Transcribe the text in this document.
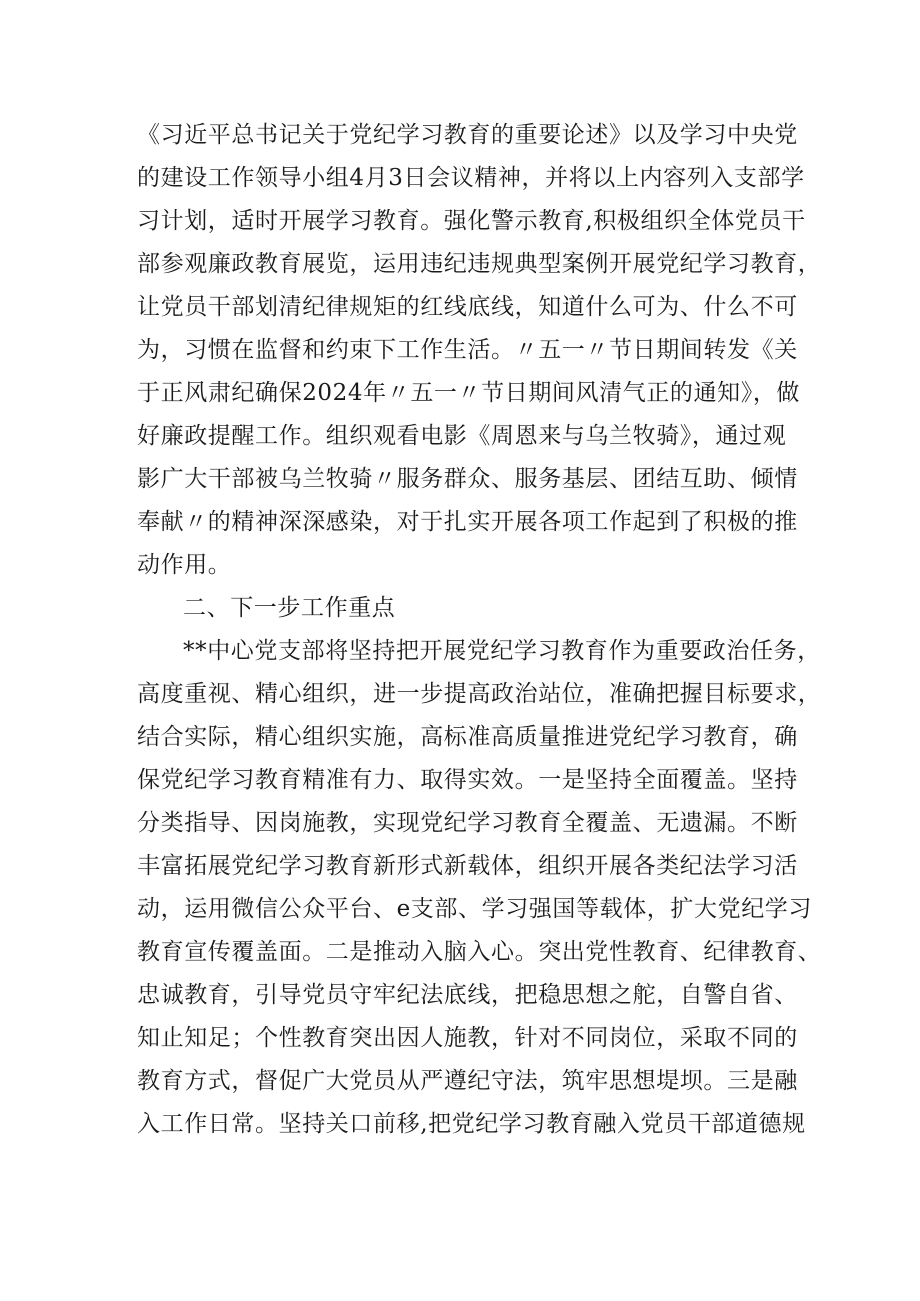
《习近平总书记关于党纪学习教育的重要论述》以及学习中央党
的建设工作领导小组4月3日会议精神，并将以上内容列入支部学
习计划，适时开展学习教育。强化警示教育,积极组织全体党员干
部参观廉政教育展览，运用违纪违规典型案例开展党纪学习教育，
让党员干部划清纪律规矩的红线底线，知道什么可为、什么不可
为，习惯在监督和约束下工作生活。〃五一〃节日期间转发《关
于正风肃纪确保2024年〃五一〃节日期间风清气正的通知》，做
好廉政提醒工作。组织观看电影《周恩来与乌兰牧骑》，通过观
影广大干部被乌兰牧骑〃服务群众、服务基层、团结互助、倾情
奉献〃的精神深深感染，对于扎实开展各项工作起到了积极的推
动作用。
二、下一步工作重点
**中心党支部将坚持把开展党纪学习教育作为重要政治任务，
高度重视、精心组织，进一步提高政治站位，准确把握目标要求，
结合实际，精心组织实施，高标准高质量推进党纪学习教育，确
保党纪学习教育精准有力、取得实效。一是坚持全面覆盖。坚持
分类指导、因岗施教，实现党纪学习教育全覆盖、无遗漏。不断
丰富拓展党纪学习教育新形式新载体，组织开展各类纪法学习活
动，运用微信公众平台、e支部、学习强国等载体，扩大党纪学习
教育宣传覆盖面。二是推动入脑入心。突出党性教育、纪律教育、
忠诚教育，引导党员守牢纪法底线，把稳思想之舵，自警自省、
知止知足；个性教育突出因人施教，针对不同岗位，采取不同的
教育方式，督促广大党员从严遵纪守法，筑牢思想堤坝。三是融
入工作日常。坚持关口前移,把党纪学习教育融入党员干部道德规
